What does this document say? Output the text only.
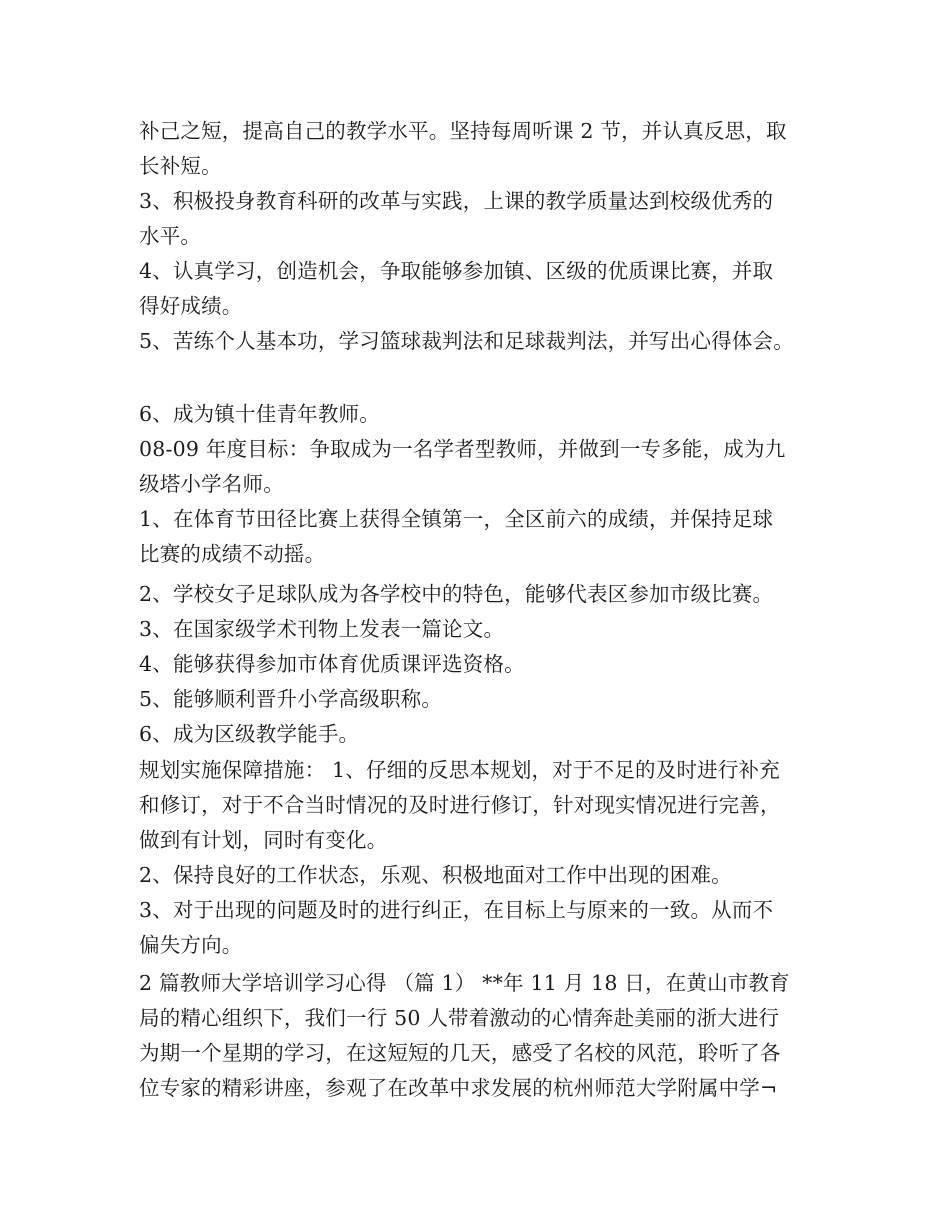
补己之短，提高自己的教学水平。坚持每周听课 2 节，并认真反思，取
长补短。
3、积极投身教育科研的改革与实践，上课的教学质量达到校级优秀的
水平。
4、认真学习，创造机会，争取能够参加镇、区级的优质课比赛，并取
得好成绩。
5、苦练个人基本功，学习篮球裁判法和足球裁判法，并写出心得体会。
6、成为镇十佳青年教师。
08-09 年度目标：争取成为一名学者型教师，并做到一专多能，成为九
级塔小学名师。
1、在体育节田径比赛上获得全镇第一，全区前六的成绩，并保持足球
比赛的成绩不动摇。
2、学校女子足球队成为各学校中的特色，能够代表区参加市级比赛。
3、在国家级学术刊物上发表一篇论文。
4、能够获得参加市体育优质课评选资格。
5、能够顺利晋升小学高级职称。
6、成为区级教学能手。
规划实施保障措施： 1、仔细的反思本规划，对于不足的及时进行补充
和修订，对于不合当时情况的及时进行修订，针对现实情况进行完善，
做到有计划，同时有变化。
2、保持良好的工作状态，乐观、积极地面对工作中出现的困难。
3、对于出现的问题及时的进行纠正，在目标上与原来的一致。从而不
偏失方向。
2 篇教师大学培训学习心得 （篇 1） **年 11 月 18 日，在黄山市教育
局的精心组织下，我们一行 50 人带着激动的心情奔赴美丽的浙大进行
为期一个星期的学习，在这短短的几天，感受了名校的风范，聆听了各
位专家的精彩讲座，参观了在改革中求发展的杭州师范大学附属中学¬
